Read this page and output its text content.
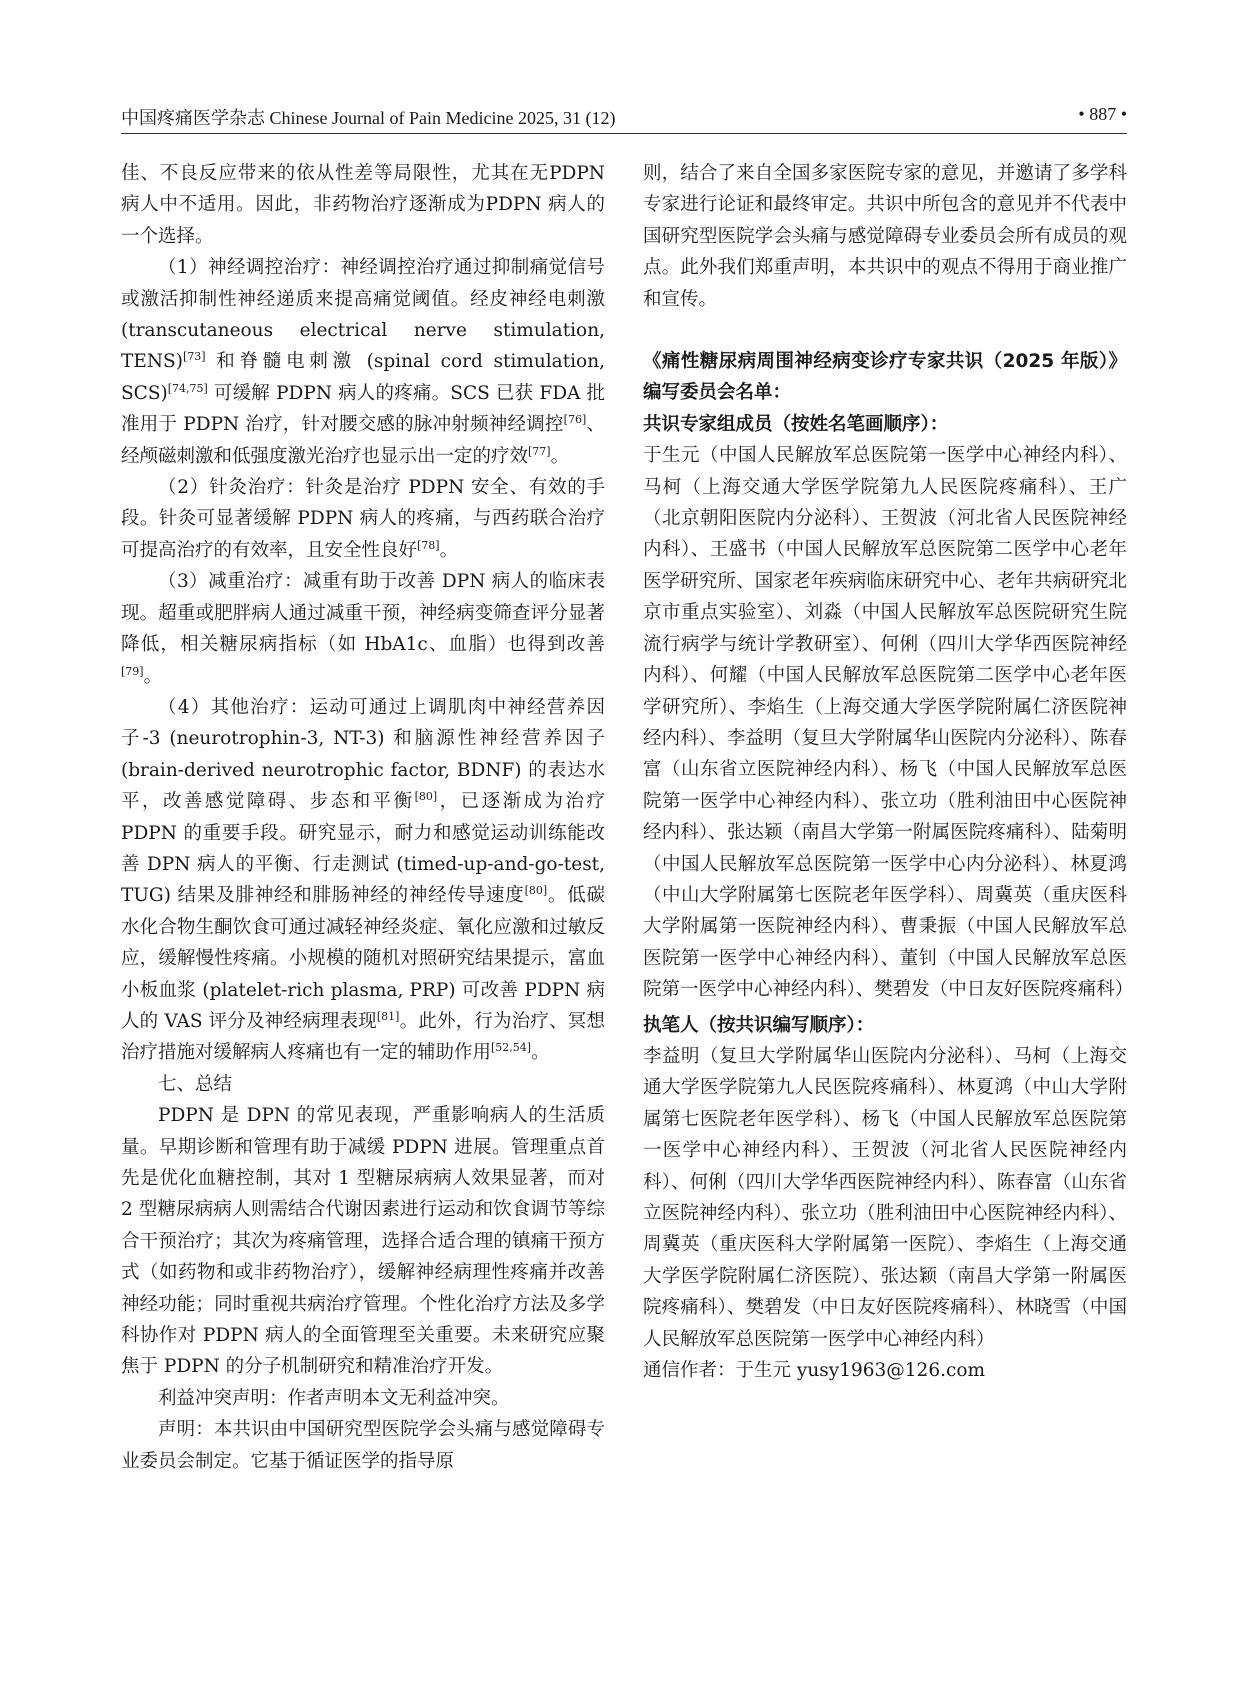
中国疼痛医学杂志 Chinese Journal of Pain Medicine 2025, 31 (12)	• 887 •

佳、不良反应带来的依从性差等局限性，尤其在无PDPN 病人中不适用。因此，非药物治疗逐渐成为PDPN 病人的一个选择。

（1）神经调控治疗：神经调控治疗通过抑制痛觉信号或激活抑制性神经递质来提高痛觉阈值。经皮神经电刺激 (transcutaneous electrical nerve stimulation, TENS)[73] 和脊髓电刺激 (spinal cord stimulation, SCS)[74,75] 可缓解 PDPN 病人的疼痛。SCS 已获 FDA 批准用于 PDPN 治疗，针对腰交感的脉冲射频神经调控[76]、经颅磁刺激和低强度激光治疗也显示出一定的疗效[77]。

（2）针灸治疗：针灸是治疗 PDPN 安全、有效的手段。针灸可显著缓解 PDPN 病人的疼痛，与西药联合治疗可提高治疗的有效率，且安全性良好[78]。

（3）减重治疗：减重有助于改善 DPN 病人的临床表现。超重或肥胖病人通过减重干预，神经病变筛查评分显著降低，相关糖尿病指标（如 HbA1c、血脂）也得到改善[79]。

（4）其他治疗：运动可通过上调肌肉中神经营养因子-3 (neurotrophin-3, NT-3) 和脑源性神经营养因子 (brain-derived neurotrophic factor, BDNF) 的表达水平，改善感觉障碍、步态和平衡[80]，已逐渐成为治疗 PDPN 的重要手段。研究显示，耐力和感觉运动训练能改善 DPN 病人的平衡、行走测试 (timed-up-and-go-test, TUG) 结果及腓神经和腓肠神经的神经传导速度[80]。低碳水化合物生酮饮食可通过减轻神经炎症、氧化应激和过敏反应，缓解慢性疼痛。小规模的随机对照研究结果提示，富血小板血浆 (platelet-rich plasma, PRP) 可改善 PDPN 病人的 VAS 评分及神经病理表现[81]。此外，行为治疗、冥想治疗措施对缓解病人疼痛也有一定的辅助作用[52,54]。

七、总结

PDPN 是 DPN 的常见表现，严重影响病人的生活质量。早期诊断和管理有助于减缓 PDPN 进展。管理重点首先是优化血糖控制，其对 1 型糖尿病病人效果显著，而对 2 型糖尿病病人则需结合代谢因素进行运动和饮食调节等综合干预治疗；其次为疼痛管理，选择合适合理的镇痛干预方式（如药物和或非药物治疗），缓解神经病理性疼痛并改善神经功能；同时重视共病治疗管理。个性化治疗方法及多学科协作对 PDPN 病人的全面管理至关重要。未来研究应聚焦于 PDPN 的分子机制研究和精准治疗开发。

利益冲突声明：作者声明本文无利益冲突。

声明：本共识由中国研究型医院学会头痛与感觉障碍专业委员会制定。它基于循证医学的指导原

则，结合了来自全国多家医院专家的意见，并邀请了多学科专家进行论证和最终审定。共识中所包含的意见并不代表中国研究型医院学会头痛与感觉障碍专业委员会所有成员的观点。此外我们郑重声明，本共识中的观点不得用于商业推广和宣传。

《痛性糖尿病周围神经病变诊疗专家共识（2025 年版）》编写委员会名单：

共识专家组成员（按姓名笔画顺序）：

于生元（中国人民解放军总医院第一医学中心神经内科）、马柯（上海交通大学医学院第九人民医院疼痛科）、王广（北京朝阳医院内分泌科）、王贺波（河北省人民医院神经内科）、王盛书（中国人民解放军总医院第二医学中心老年医学研究所、国家老年疾病临床研究中心、老年共病研究北京市重点实验室）、刘淼（中国人民解放军总医院研究生院流行病学与统计学教研室）、何俐（四川大学华西医院神经内科）、何耀（中国人民解放军总医院第二医学中心老年医学研究所）、李焰生（上海交通大学医学院附属仁济医院神经内科）、李益明（复旦大学附属华山医院内分泌科）、陈春富（山东省立医院神经内科）、杨飞（中国人民解放军总医院第一医学中心神经内科）、张立功（胜利油田中心医院神经内科）、张达颖（南昌大学第一附属医院疼痛科）、陆菊明（中国人民解放军总医院第一医学中心内分泌科）、林夏鸿（中山大学附属第七医院老年医学科）、周冀英（重庆医科大学附属第一医院神经内科）、曹秉振（中国人民解放军总医院第一医学中心神经内科）、董钊（中国人民解放军总医院第一医学中心神经内科）、樊碧发（中日友好医院疼痛科）

执笔人（按共识编写顺序）：

李益明（复旦大学附属华山医院内分泌科）、马柯（上海交通大学医学院第九人民医院疼痛科）、林夏鸿（中山大学附属第七医院老年医学科）、杨飞（中国人民解放军总医院第一医学中心神经内科）、王贺波（河北省人民医院神经内科）、何俐（四川大学华西医院神经内科）、陈春富（山东省立医院神经内科）、张立功（胜利油田中心医院神经内科）、周冀英（重庆医科大学附属第一医院）、李焰生（上海交通大学医学院附属仁济医院）、张达颖（南昌大学第一附属医院疼痛科）、樊碧发（中日友好医院疼痛科）、林晓雪（中国人民解放军总医院第一医学中心神经内科）

通信作者：于生元 yusy1963@126.com
